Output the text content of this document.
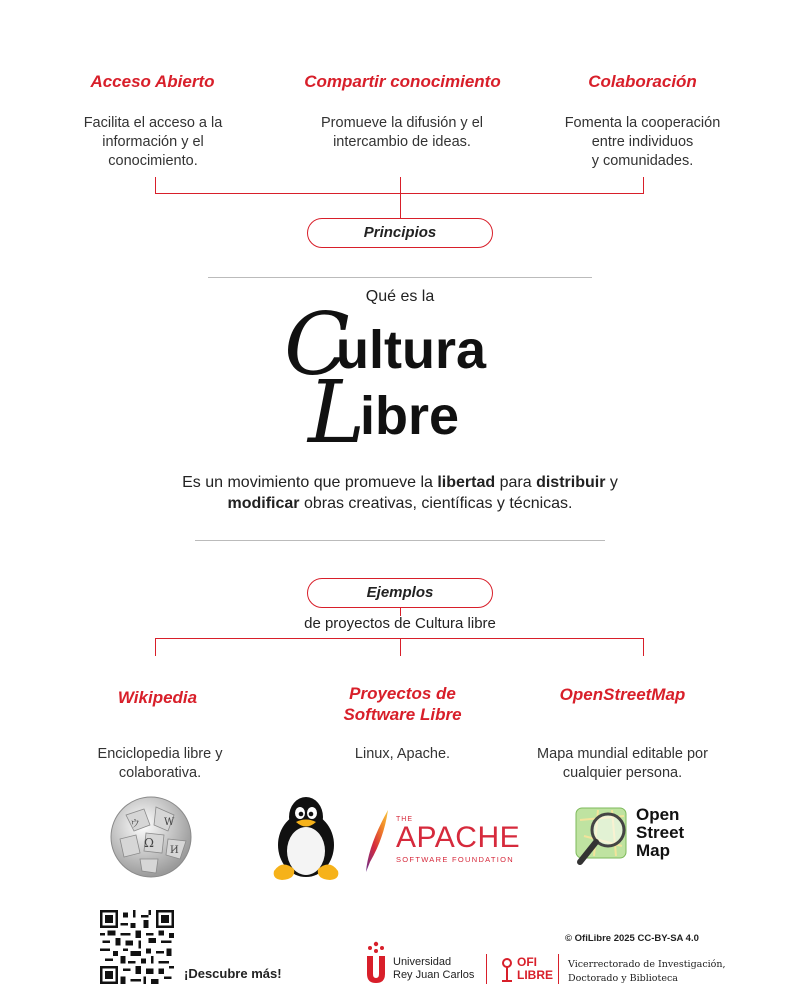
Acceso Abierto	Compartir conocimiento	Colaboración
Facilita el acceso a la
información y el
conocimiento.
Promueve la difusión y el
intercambio de ideas.
Fomenta la cooperación
entre individuos
y comunidades.
Principios
Qué es la
C
ultura
L
ibre
Es un movimiento que promueve la libertad para distribuir y
modificar obras creativas, científicas y técnicas.
Ejemplos
de proyectos de Cultura libre
Wikipedia	Proyectos de
Software Libre
OpenStreetMap
Enciclopedia libre y
colaborativa.
Linux, Apache.	Mapa mundial editable por
cualquier persona.
Ω
W
ウ
И
THE
APACHE
SOFTWARE FOUNDATION
Open
Street
Map
¡Descubre más!
© OfiLibre 2025 CC-BY-SA 4.0
Universidad
Rey Juan Carlos
OFI
LIBRE
Vicerrectorado de Investigación,
Doctorado y Biblioteca
